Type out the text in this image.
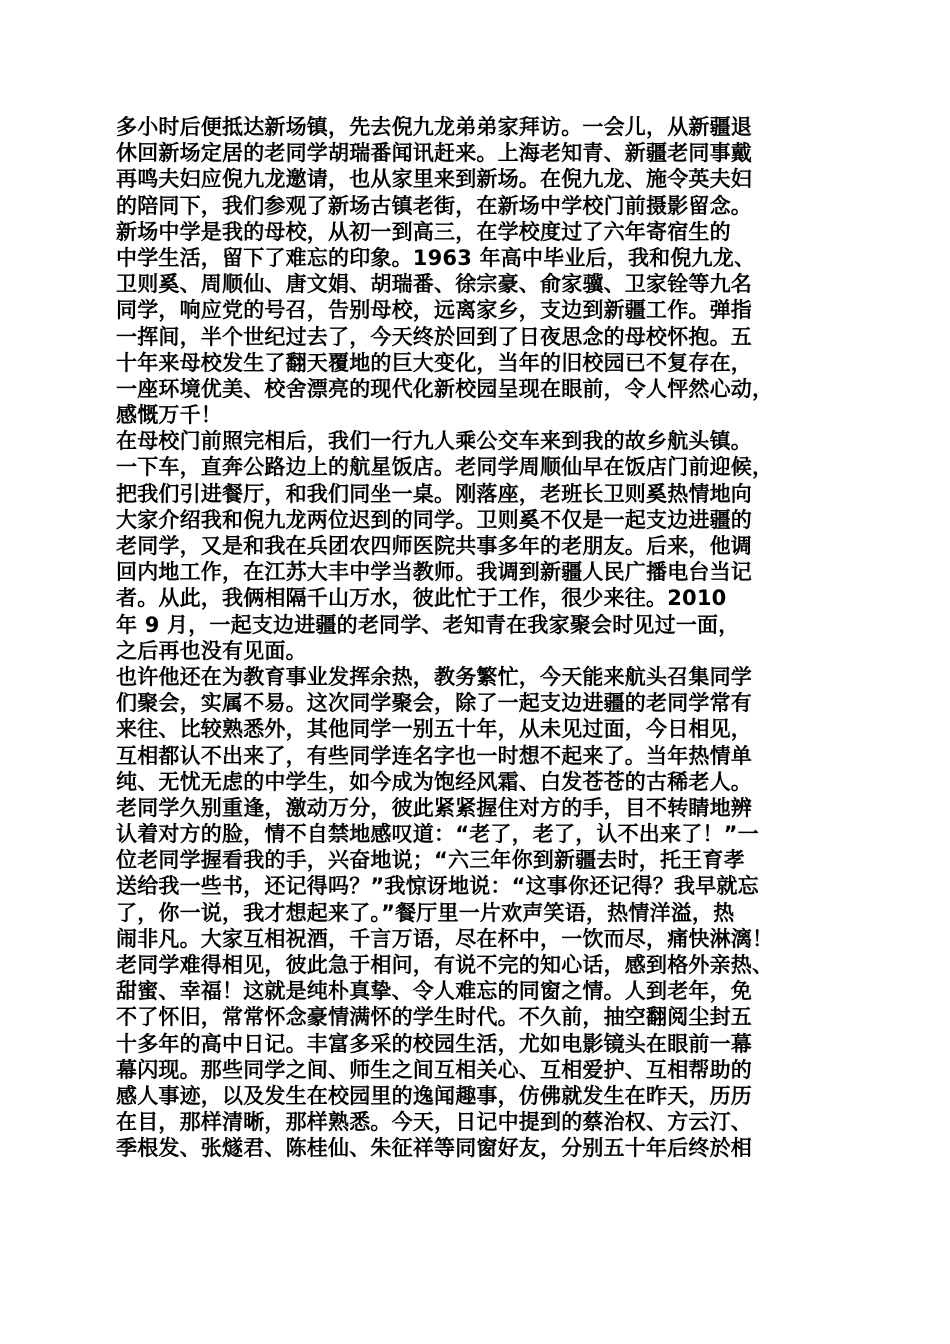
多小时后便抵达新场镇，先去倪九龙弟弟家拜访。一会儿，从新疆退
休回新场定居的老同学胡瑞番闻讯赶来。上海老知青、新疆老同事戴
再鸣夫妇应倪九龙邀请，也从家里来到新场。在倪九龙、施令英夫妇
的陪同下，我们参观了新场古镇老街，在新场中学校门前摄影留念。
新场中学是我的母校，从初一到高三，在学校度过了六年寄宿生的
中学生活，留下了难忘的印象。1963 年高中毕业后，我和倪九龙、
卫则奚、周顺仙、唐文娟、胡瑞番、徐宗豪、俞家骥、卫家铨等九名
同学，响应党的号召，告别母校，远离家乡，支边到新疆工作。弹指
一挥间，半个世纪过去了，今天终於回到了日夜思念的母校怀抱。五
十年来母校发生了翻天覆地的巨大变化，当年的旧校园已不复存在，
一座环境优美、校舍漂亮的现代化新校园呈现在眼前，令人怦然心动，
感慨万千！
在母校门前照完相后，我们一行九人乘公交车来到我的故乡航头镇。
一下车，直奔公路边上的航星饭店。老同学周顺仙早在饭店门前迎候，
把我们引进餐厅，和我们同坐一桌。刚落座，老班长卫则奚热情地向
大家介绍我和倪九龙两位迟到的同学。卫则奚不仅是一起支边进疆的
老同学，又是和我在兵团农四师医院共事多年的老朋友。后来，他调
回内地工作，在江苏大丰中学当教师。我调到新疆人民广播电台当记
者。从此，我俩相隔千山万水，彼此忙于工作，很少来往。2010
年 9 月，一起支边进疆的老同学、老知青在我家聚会时见过一面，
之后再也没有见面。
也许他还在为教育事业发挥余热，教务繁忙，今天能来航头召集同学
们聚会，实属不易。这次同学聚会，除了一起支边进疆的老同学常有
来往、比较熟悉外，其他同学一别五十年，从未见过面，今日相见，
互相都认不出来了，有些同学连名字也一时想不起来了。当年热情单
纯、无忧无虑的中学生，如今成为饱经风霜、白发苍苍的古稀老人。
老同学久别重逢，激动万分，彼此紧紧握住对方的手，目不转睛地辨
认着对方的脸，情不自禁地感叹道：“老了，老了，认不出来了！”一
位老同学握看我的手，兴奋地说；“六三年你到新疆去时，托王育孝
送给我一些书，还记得吗？”我惊讶地说：“这事你还记得？我早就忘
了，你一说，我才想起来了。”餐厅里一片欢声笑语，热情洋溢，热
闹非凡。大家互相祝酒，千言万语，尽在杯中，一饮而尽，痛快淋漓！
老同学难得相见，彼此急于相问，有说不完的知心话，感到格外亲热、
甜蜜、幸福！这就是纯朴真挚、令人难忘的同窗之情。人到老年，免
不了怀旧，常常怀念豪情满怀的学生时代。不久前，抽空翻阅尘封五
十多年的高中日记。丰富多采的校园生活，尤如电影镜头在眼前一幕
幕闪现。那些同学之间、师生之间互相关心、互相爱护、互相帮助的
感人事迹，以及发生在校园里的逸闻趣事，仿佛就发生在昨天，历历
在目，那样清晰，那样熟悉。今天，日记中提到的蔡治权、方云汀、
季根发、张燧君、陈桂仙、朱征祥等同窗好友，分别五十年后终於相
